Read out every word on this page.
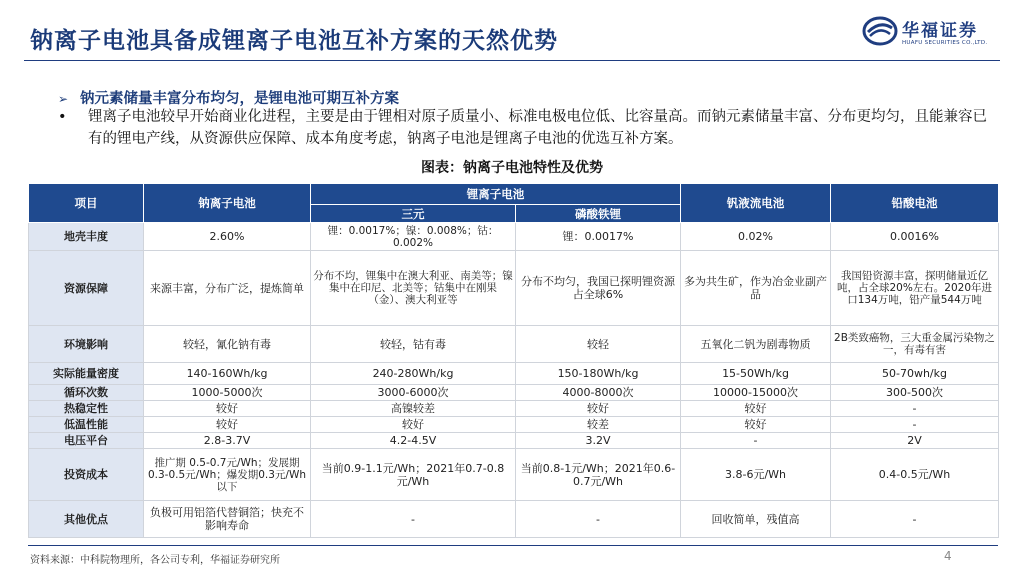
钠离子电池具备成锂离子电池互补方案的天然优势	华福证券
HUAFU SECURITIES CO.,LTD.
➢ 钠元素储量丰富分布均匀，是锂电池可期互补方案
•	锂离子电池较早开始商业化进程，主要是由于锂相对原子质量小、标准电极电位低、比容量高。而钠元素储量丰富、分布更均匀，且能兼容已有的锂电产线，从资源供应保障、成本角度考虑，钠离子电池是锂离子电池的优选互补方案。
图表：钠离子电池特性及优势
项目	钠离子电池	锂离子电池		钒液流电池	铅酸电池
		三元	磷酸铁锂		
地壳丰度	2.60%	锂：0.0017%；镍：0.008%；钴：0.002%	锂：0.0017%	0.02%	0.0016%
资源保障	来源丰富，分布广泛，提炼简单	分布不均，锂集中在澳大利亚、南美等；镍集中在印尼、北美等；钴集中在刚果（金）、澳大利亚等	分布不均匀，我国已探明锂资源占全球6%	多为共生矿，作为冶金业副产品	我国铅资源丰富，探明储量近亿吨，占全球20%左右。2020年进口134万吨，铅产量544万吨
环境影响	较轻，氰化钠有毒	较轻，钴有毒	较轻	五氧化二钒为剧毒物质	2B类致癌物，三大重金属污染物之一，有毒有害
实际能量密度	140-160Wh/kg	240-280Wh/kg	150-180Wh/kg	15-50Wh/kg	50-70wh/kg
循环次数	1000-5000次	3000-6000次	4000-8000次	10000-15000次	300-500次
热稳定性	较好	高镍较差	较好	较好	-
低温性能	较好	较好	较差	较好	-
电压平台	2.8-3.7V	4.2-4.5V	3.2V	-	2V
投资成本	推广期 0.5-0.7元/Wh；发展期0.3-0.5元/Wh；爆发期0.3元/Wh 以下	当前0.9-1.1元/Wh；2021年0.7-0.8元/Wh	当前0.8-1元/Wh；2021年0.6-0.7元/Wh	3.8-6元/Wh	0.4-0.5元/Wh
其他优点	负极可用铝箔代替铜箔；快充不影响寿命	-	-	回收简单，残值高	-
资料来源：中科院物理所，各公司专利，华福证券研究所	4
